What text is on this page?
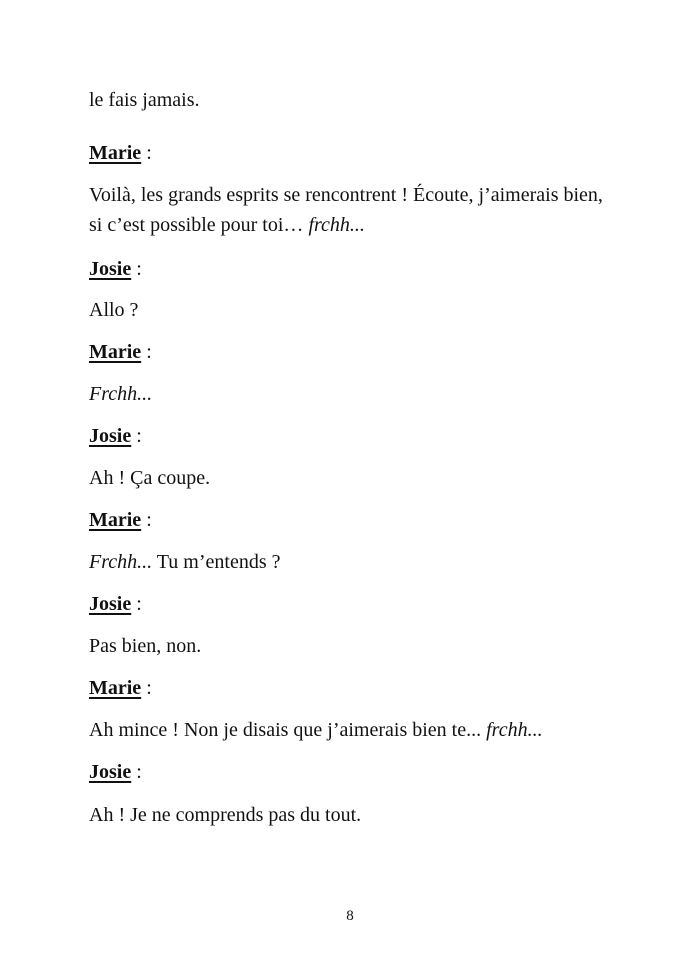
le fais jamais.
Marie :
Voilà, les grands esprits se rencontrent ! Écoute, j’aimerais bien,
si c’est possible pour toi… frchh...
Josie :
Allo ?
Marie :
Frchh...
Josie :
Ah ! Ça coupe.
Marie :
Frchh... Tu m’entends ?
Josie :
Pas bien, non.
Marie :
Ah mince ! Non je disais que j’aimerais bien te... frchh...
Josie :
Ah ! Je ne comprends pas du tout.
8
